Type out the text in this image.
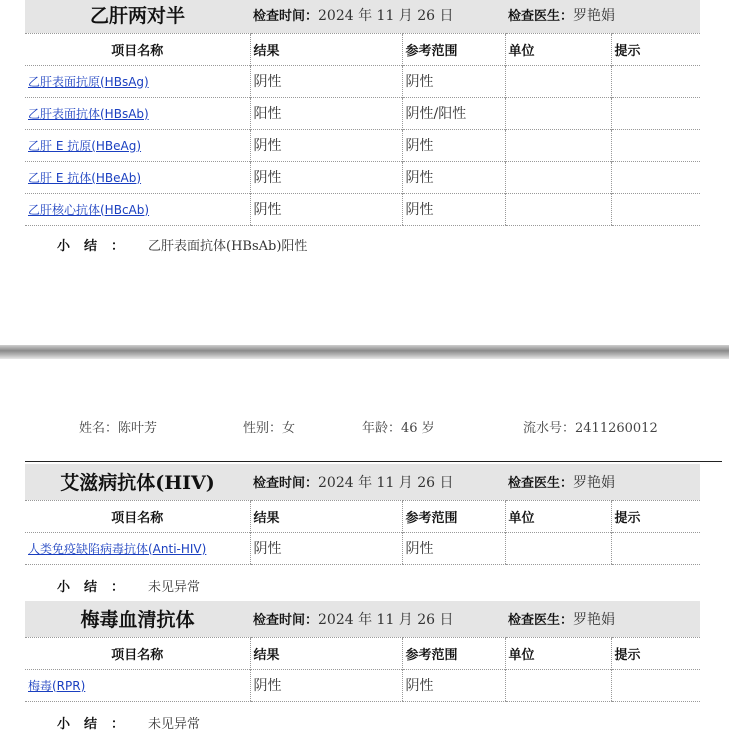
乙肝两对半	检查时间：2024 年 11 月 26 日		检查医生：罗艳娟	
项目名称	结果	参考范围	单位	提示
乙肝表面抗原(HBsAg)	阴性	阴性		
乙肝表面抗体(HBsAb)	阳性	阴性/阳性		
乙肝 E 抗原(HBeAg)	阴性	阴性		
乙肝 E 抗体(HBeAb)	阴性	阴性		
乙肝核心抗体(HBcAb)	阴性	阴性		
小结： 乙肝表面抗体(HBsAb)阳性
姓名：陈叶芳	性别：女	年龄：46 岁	流水号：2411260012
艾滋病抗体(HIV)	检查时间：2024 年 11 月 26 日		检查医生：罗艳娟	
项目名称	结果	参考范围	单位	提示
人类免疫缺陷病毒抗体(Anti-HIV)	阴性	阴性		
小结： 未见异常
梅毒血清抗体	检查时间：2024 年 11 月 26 日		检查医生：罗艳娟	
项目名称	结果	参考范围	单位	提示
梅毒(RPR)	阴性	阴性		
小结： 未见异常
